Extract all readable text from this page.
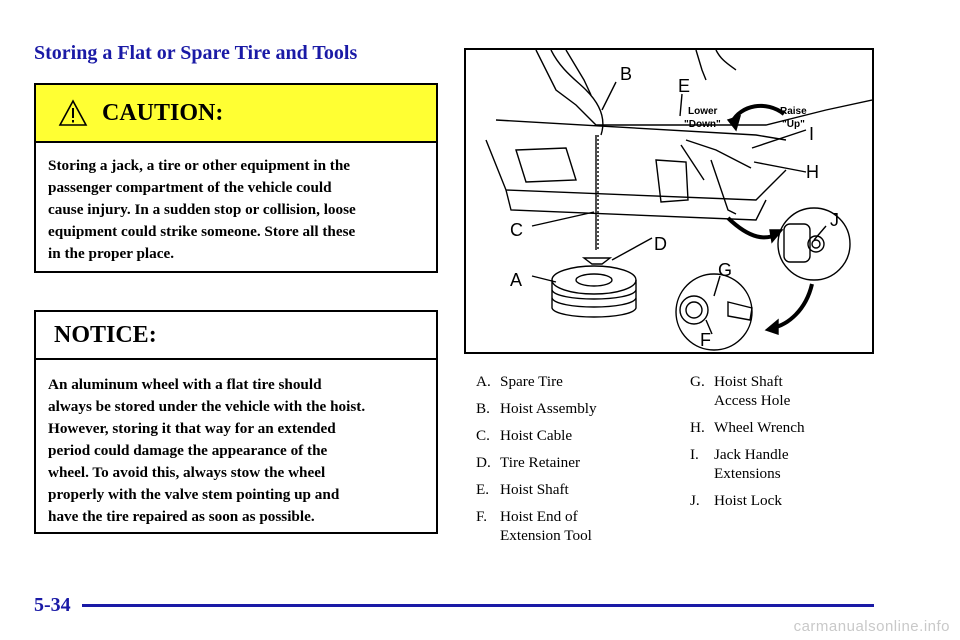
Storing a Flat or Spare Tire and Tools
CAUTION:
Storing a jack, a tire or other equipment in the
passenger compartment of the vehicle could
cause injury. In a sudden stop or collision, loose
equipment could strike someone. Store all these
in the proper place.
NOTICE:
An aluminum wheel with a flat tire should
always be stored under the vehicle with the hoist.
However, storing it that way for an extended
period could damage the appearance of the
wheel. To avoid this, always stow the wheel
properly with the valve stem pointing up and
have the tire repaired as soon as possible.
B
E
I
H
C
D
A
J
G
F
Lower
"Down"
Raise
"Up"
A. Spare Tire
B. Hoist Assembly
C. Hoist Cable
D. Tire Retainer
E. Hoist Shaft
F. Hoist End of Extension Tool
G. Hoist Shaft Access Hole
H. Wheel Wrench
I. Jack Handle Extensions
J. Hoist Lock
5-34
carmanualsonline.info
